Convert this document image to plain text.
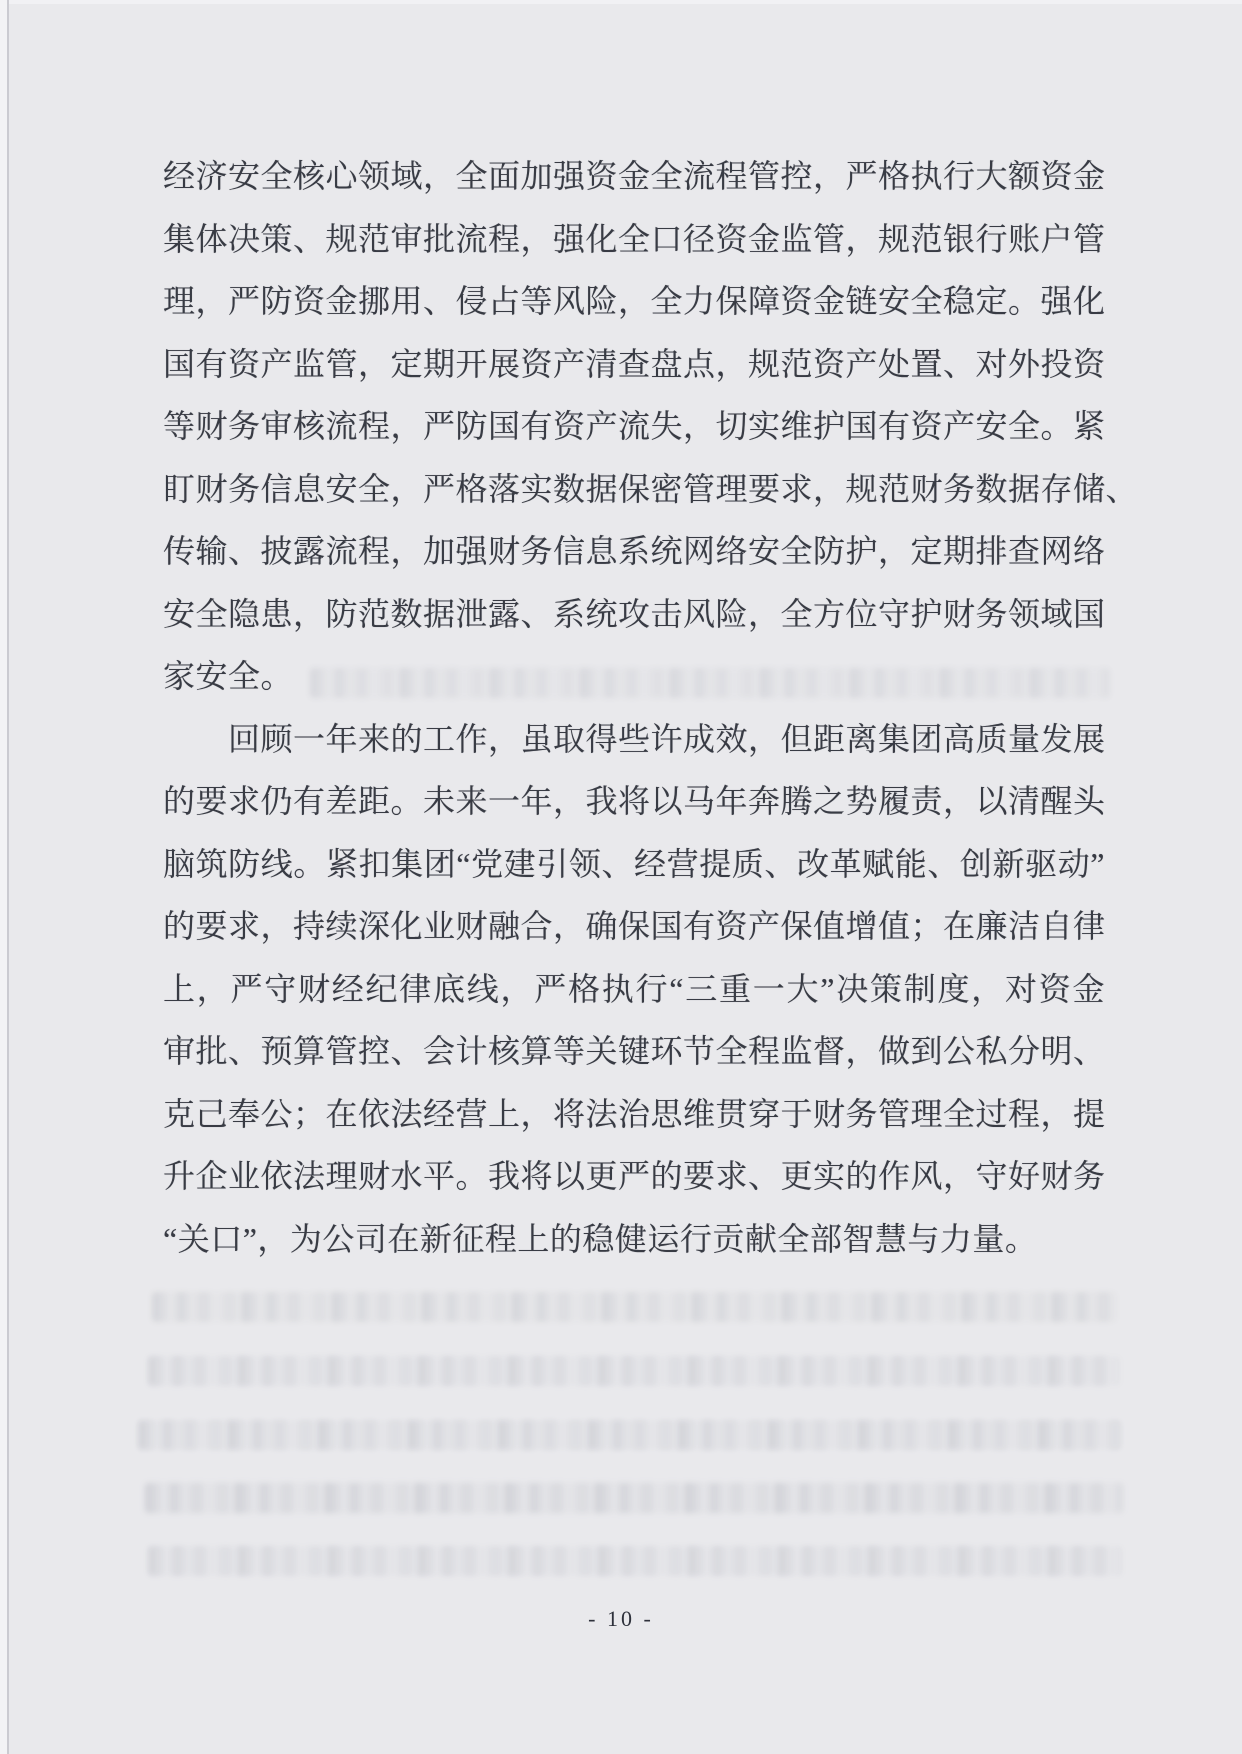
经济安全核心领域，全面加强资金全流程管控，严格执行大额资金
集体决策、规范审批流程，强化全口径资金监管，规范银行账户管
理，严防资金挪用、侵占等风险，全力保障资金链安全稳定。强化
国有资产监管，定期开展资产清查盘点，规范资产处置、对外投资
等财务审核流程，严防国有资产流失，切实维护国有资产安全。紧
盯财务信息安全，严格落实数据保密管理要求，规范财务数据存储、
传输、披露流程，加强财务信息系统网络安全防护，定期排查网络
安全隐患，防范数据泄露、系统攻击风险，全方位守护财务领域国
家安全。
回顾一年来的工作，虽取得些许成效，但距离集团高质量发展
的要求仍有差距。未来一年，我将以马年奔腾之势履责，以清醒头
脑筑防线。紧扣集团“党建引领、经营提质、改革赋能、创新驱动”
的要求，持续深化业财融合，确保国有资产保值增值；在廉洁自律
上，严守财经纪律底线，严格执行“三重一大”决策制度，对资金
审批、预算管控、会计核算等关键环节全程监督，做到公私分明、
克己奉公；在依法经营上，将法治思维贯穿于财务管理全过程，提
升企业依法理财水平。我将以更严的要求、更实的作风，守好财务
“关口”，为公司在新征程上的稳健运行贡献全部智慧与力量。
- 10 -
